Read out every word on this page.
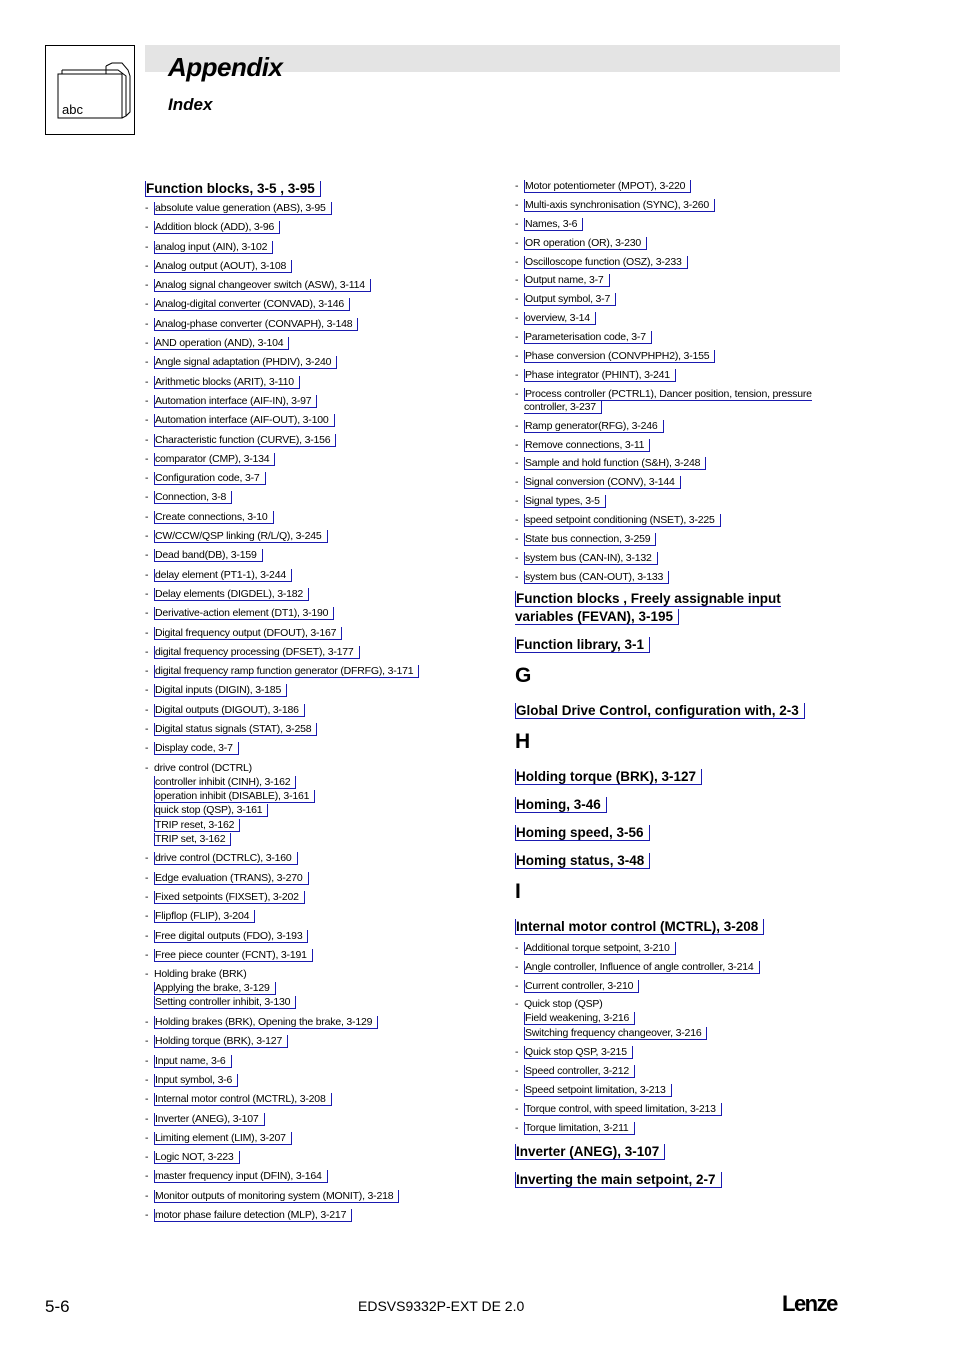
abc
Appendix
Index
Function blocks, 3-5 , 3-95
- absolute value generation (ABS), 3-95
- Addition block (ADD), 3-96
- analog input (AIN), 3-102
- Analog output (AOUT), 3-108
- Analog signal changeover switch (ASW), 3-114
- Analog-digital converter (CONVAD), 3-146
- Analog-phase converter (CONVAPH), 3-148
- AND operation (AND), 3-104
- Angle signal adaptation (PHDIV), 3-240
- Arithmetic blocks (ARIT), 3-110
- Automation interface (AIF-IN), 3-97
- Automation interface (AIF-OUT), 3-100
- Characteristic function (CURVE), 3-156
- comparator (CMP), 3-134
- Configuration code, 3-7
- Connection, 3-8
- Create connections, 3-10
- CW/CCW/QSP linking (R/L/Q), 3-245
- Dead band(DB), 3-159
- delay element (PT1-1), 3-244
- Delay elements (DIGDEL), 3-182
- Derivative-action element (DT1), 3-190
- Digital frequency output (DFOUT), 3-167
- digital frequency processing (DFSET), 3-177
- digital frequency ramp function generator (DFRFG), 3-171
- Digital inputs (DIGIN), 3-185
- Digital outputs (DIGOUT), 3-186
- Digital status signals (STAT), 3-258
- Display code, 3-7
- drive control (DCTRL)
controller inhibit (CINH), 3-162
operation inhibit (DISABLE), 3-161
quick stop (QSP), 3-161
TRIP reset, 3-162
TRIP set, 3-162
- drive control (DCTRLC), 3-160
- Edge evaluation (TRANS), 3-270
- Fixed setpoints (FIXSET), 3-202
- Flipflop (FLIP), 3-204
- Free digital outputs (FDO), 3-193
- Free piece counter (FCNT), 3-191
- Holding brake (BRK)
Applying the brake, 3-129
Setting controller inhibit, 3-130
- Holding brakes (BRK), Opening the brake, 3-129
- Holding torque (BRK), 3-127
- Input name, 3-6
- Input symbol, 3-6
- Internal motor control (MCTRL), 3-208
- Inverter (ANEG), 3-107
- Limiting element (LIM), 3-207
- Logic NOT, 3-223
- master frequency input (DFIN), 3-164
- Monitor outputs of monitoring system (MONIT), 3-218
- motor phase failure detection (MLP), 3-217
- Motor potentiometer (MPOT), 3-220
- Multi-axis synchronisation (SYNC), 3-260
- Names, 3-6
- OR operation (OR), 3-230
- Oscilloscope function (OSZ), 3-233
- Output name, 3-7
- Output symbol, 3-7
- overview, 3-14
- Parameterisation code, 3-7
- Phase conversion (CONVPHPH2), 3-155
- Phase integrator (PHINT), 3-241
- Process controller (PCTRL1), Dancer position, tension, pressure controller, 3-237
- Ramp generator(RFG), 3-246
- Remove connections, 3-11
- Sample and hold function (S&H), 3-248
- Signal conversion (CONV), 3-144
- Signal types, 3-5
- speed setpoint conditioning (NSET), 3-225
- State bus connection, 3-259
- system bus (CAN-IN), 3-132
- system bus (CAN-OUT), 3-133
Function blocks , Freely assignable input variables (FEVAN), 3-195
Function library, 3-1
G
Global Drive Control, configuration with, 2-3
H
Holding torque (BRK), 3-127
Homing, 3-46
Homing speed, 3-56
Homing status, 3-48
I
Internal motor control (MCTRL), 3-208
- Additional torque setpoint, 3-210
- Angle controller, Influence of angle controller, 3-214
- Current controller, 3-210
- Quick stop (QSP)
Field weakening, 3-216
Switching frequency changeover, 3-216
- Quick stop QSP, 3-215
- Speed controller, 3-212
- Speed setpoint limitation, 3-213
- Torque control, with speed limitation, 3-213
- Torque limitation, 3-211
Inverter (ANEG), 3-107
Inverting the main setpoint, 2-7
5-6	EDSVS9332P-EXT DE 2.0	Lenze
